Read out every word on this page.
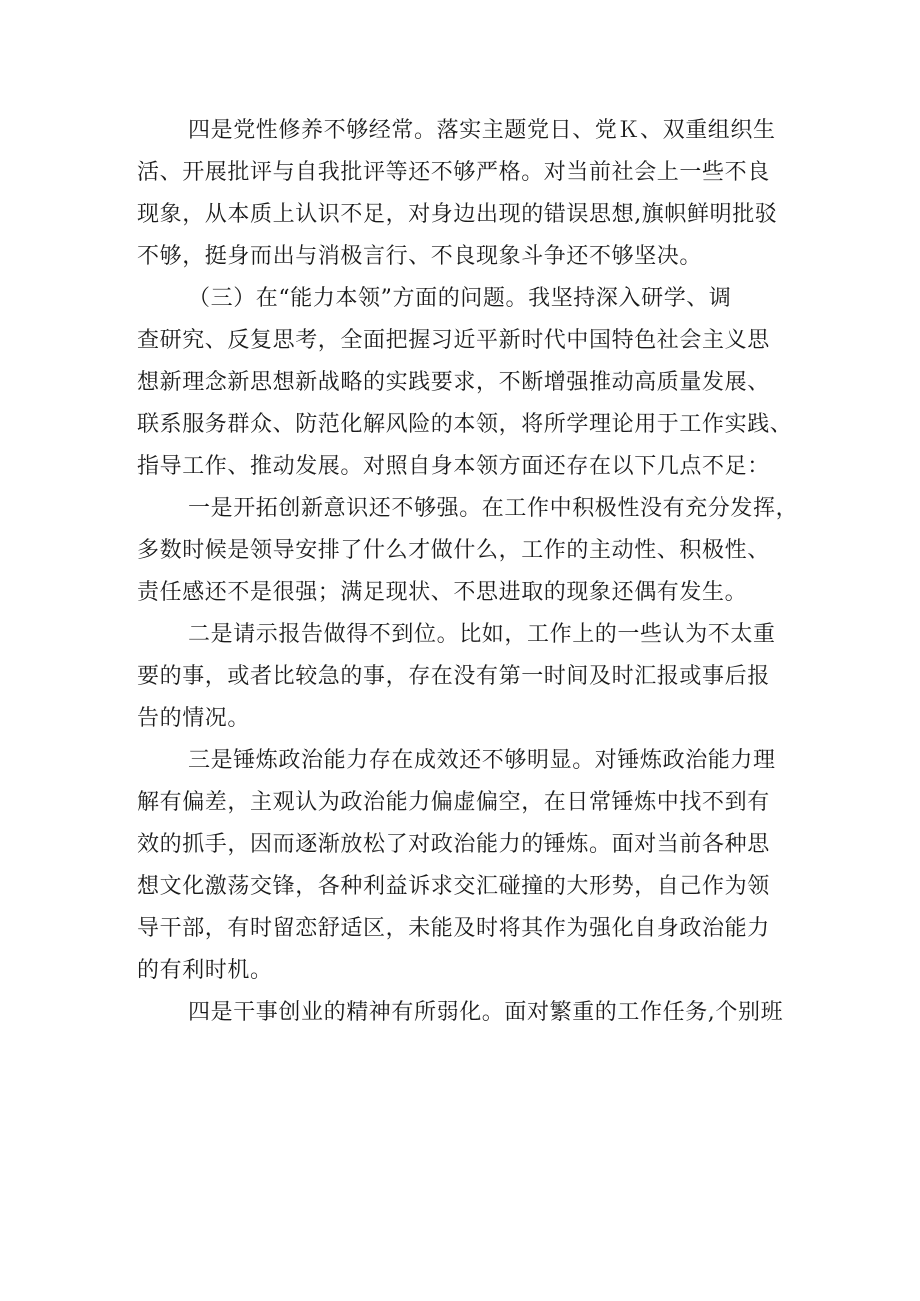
四是党性修养不够经常。落实主题党日、党Ｋ、双重组织生
活、开展批评与自我批评等还不够严格。对当前社会上一些不良
现象，从本质上认识不足，对身边出现的错误思想,旗帜鲜明批驳
不够，挺身而出与消极言行、不良现象斗争还不够坚决。
（三）在“能力本领”方面的问题。我坚持深入研学、调
查研究、反复思考，全面把握习近平新时代中国特色社会主义思
想新理念新思想新战略的实践要求，不断增强推动高质量发展、
联系服务群众、防范化解风险的本领，将所学理论用于工作实践、
指导工作、推动发展。对照自身本领方面还存在以下几点不足：
一是开拓创新意识还不够强。在工作中积极性没有充分发挥，
多数时候是领导安排了什么才做什么，工作的主动性、积极性、
责任感还不是很强；满足现状、不思进取的现象还偶有发生。
二是请示报告做得不到位。比如，工作上的一些认为不太重
要的事，或者比较急的事，存在没有第一时间及时汇报或事后报
告的情况。
三是锤炼政治能力存在成效还不够明显。对锤炼政治能力理
解有偏差，主观认为政治能力偏虚偏空，在日常锤炼中找不到有
效的抓手，因而逐渐放松了对政治能力的锤炼。面对当前各种思
想文化激荡交锋，各种利益诉求交汇碰撞的大形势，自己作为领
导干部，有时留恋舒适区，未能及时将其作为强化自身政治能力
的有利时机。
四是干事创业的精神有所弱化。面对繁重的工作任务,个别班
